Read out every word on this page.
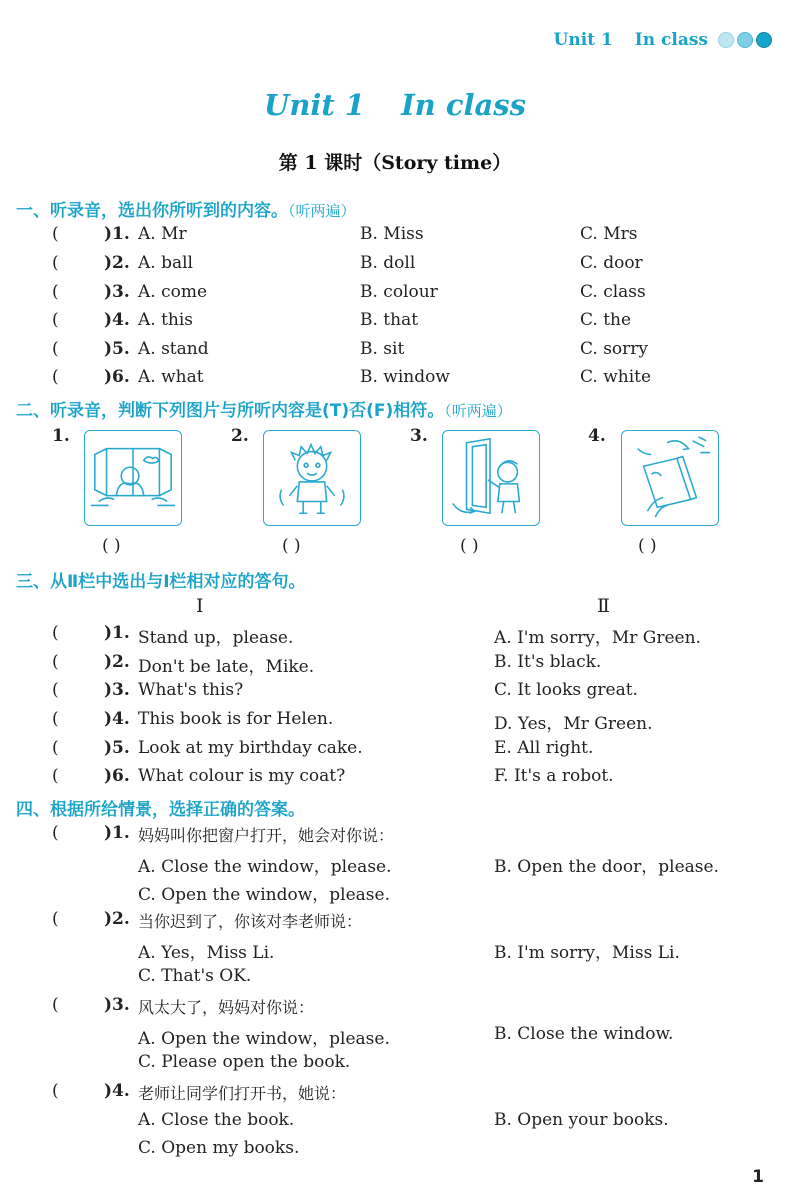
Unit 1 In class
Unit 1 In class
第 1 课时（Story time）
一、听录音，选出你所听到的内容。（听两遍）
(	)1. A. Mr	B. Miss	C. Mrs
(	)2. A. ball	B. doll	C. door
(	)3. A. come	B. colour	C. class
(	)4. A. this	B. that	C. the
(	)5. A. stand	B. sit	C. sorry
(	)6. A. what	B. window	C. white
二、听录音，判断下列图片与所听内容是(T)否(F)相符。（听两遍）
1.	2.	3.	4.
( )	( )	( )	( )
三、从Ⅱ栏中选出与Ⅰ栏相对应的答句。
Ⅰ	Ⅱ
(	)1. Stand up，please.	A. I'm sorry，Mr Green.
(	)2. Don't be late，Mike.	B. It's black.
(	)3. What's this?	C. It looks great.
(	)4. This book is for Helen.	D. Yes，Mr Green.
(	)5. Look at my birthday cake.	E. All right.
(	)6. What colour is my coat?	F. It's a robot.
四、根据所给情景，选择正确的答案。
(	)1. 妈妈叫你把窗户打开，她会对你说：
A. Close the window，please.	B. Open the door，please.
C. Open the window，please.
(	)2. 当你迟到了，你该对李老师说：
A. Yes，Miss Li.	B. I'm sorry，Miss Li.
C. That's OK.
(	)3. 风太大了，妈妈对你说：
A. Open the window，please.	B. Close the window.
C. Please open the book.
(	)4. 老师让同学们打开书，她说：
A. Close the book.	B. Open your books.
C. Open my books.
1
